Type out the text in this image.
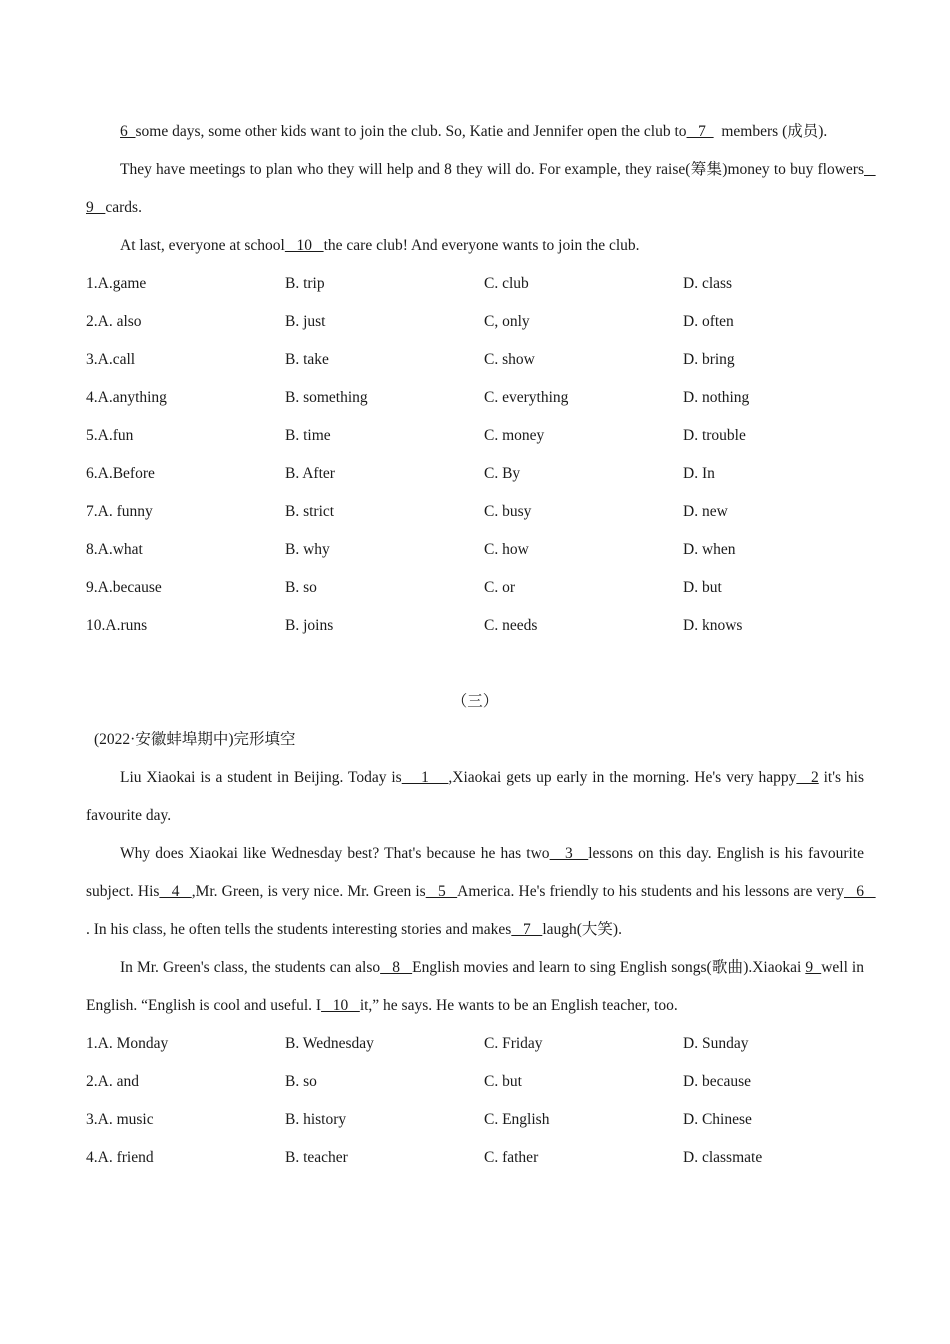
6  some days, some other kids want to join the club. So, Katie and Jennifer open the club to   7    members (成员).

They have meetings to plan who they will help and 8 they will do. For example, they raise(筹集)money to buy flowers   9   cards.

At last, everyone at school   10   the care club! And everyone wants to join the club.

1.A.game	B. trip	C. club	D. class
2.A. also	B. just	C, only	D. often
3.A.call	B. take	C. show	D. bring
4.A.anything	B. something	C. everything	D. nothing
5.A.fun	B. time	C. money	D. trouble
6.A.Before	B. After	C. By	D. In
7.A. funny	B. strict	C. busy	D. new
8.A.what	B. why	C. how	D. when
9.A.because	B. so	C. or	D. but
10.A.runs	B. joins	C. needs	D. knows
（三）
(2022·安徽蚌埠期中)完形填空

Liu Xiaokai is a student in Beijing. Today is    1    ,Xiaokai gets up early in the morning. He's very happy   2 it's his favourite day.

Why does Xiaokai like Wednesday best? That's because he has two   3   lessons on this day. English is his favourite subject. His   4   ,Mr. Green, is very nice. Mr. Green is   5   America. He's friendly to his students and his lessons are very   6   . In his class, he often tells the students interesting stories and makes   7   laugh(大笑).

In Mr. Green's class, the students can also   8   English movies and learn to sing English songs(歌曲).Xiaokai 9  well in English. “English is cool and useful. I   10   it,” he says. He wants to be an English teacher, too.

1.A. Monday	B. Wednesday	C. Friday	D. Sunday
2.A. and	B. so	C. but	D. because
3.A. music	B. history	C. English	D. Chinese
4.A. friend	B. teacher	C. father	D. classmate
